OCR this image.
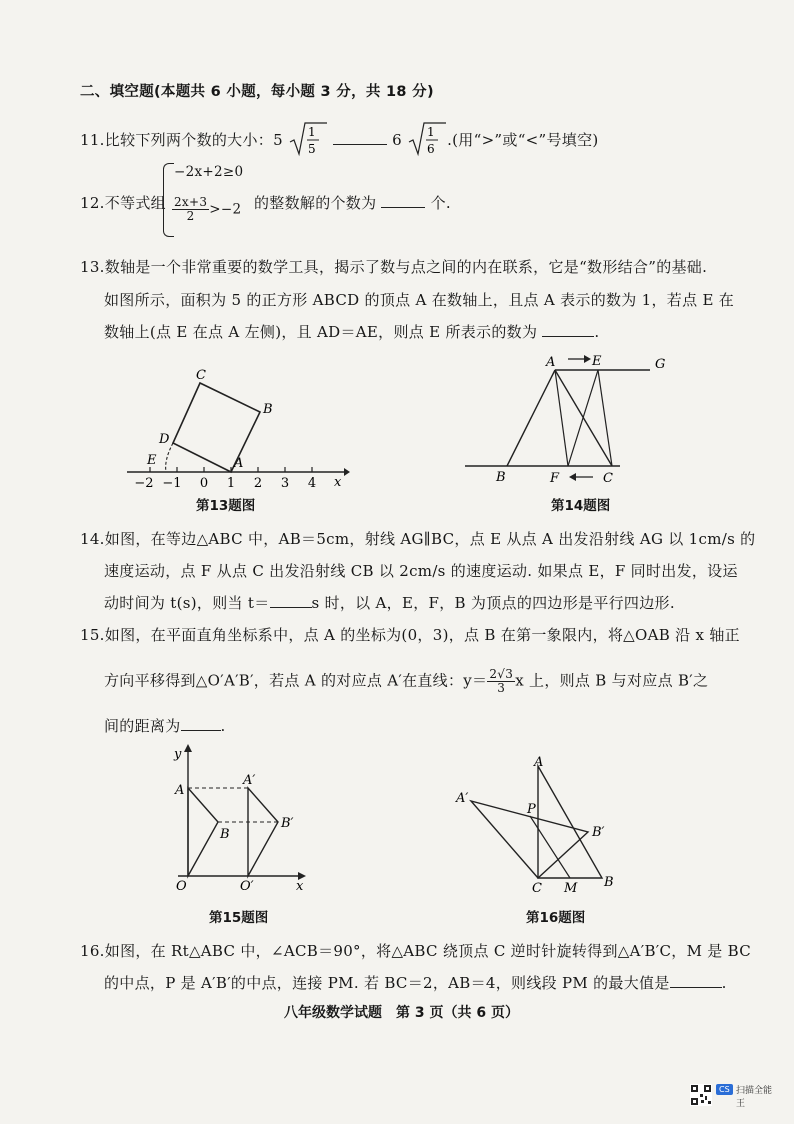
二、填空题(本题共 6 小题，每小题 3 分，共 18 分)
11.比较下列两个数的大小：5 1
5	6 1
6 .(用“>”或“<”号填空)
12.不等式组
−2x+2≥0
$\frac{2x+3}{2} >-2$ 的整数解的个数为	个.
13.数轴是一个非常重要的数学工具，揭示了数与点之间的内在联系，它是“数形结合”的基础.
如图所示，面积为 5 的正方形 ABCD 的顶点 A 在数轴上，且点 A 表示的数为 1，若点 E 在
数轴上(点 E 在点 A 左侧)，且 AD＝AE，则点 E 所表示的数为	.
C
B
D
E	A
x
−2 −1 0 1 2 3 4
第13题图
A	E	G
B	F	C
第14题图
14.如图，在等边△ABC 中，AB＝5cm，射线 AG∥BC，点 E 从点 A 出发沿射线 AG 以 1cm/s 的
速度运动，点 F 从点 C 出发沿射线 CB 以 2cm/s 的速度运动. 如果点 E，F 同时出发，设运
动时间为 t(s)，则当 t＝	s 时，以 A，E，F，B 为顶点的四边形是平行四边形.
15.如图，在平面直角坐标系中，点 A 的坐标为(0，3)，点 B 在第一象限内，将△OAB 沿 x 轴正
方向平移得到△O′A′B′，若点 A 的对应点 A′在直线：$y= \frac{2√3}{3}$ x 上，则点 B 与对应点 B′之
间的距离为	.
y
A
A′
B
B′
O	O′	x
第15题图
A
A′
P
B′
C M B
第16题图
16.如图，在 Rt△ABC 中，∠ACB＝90°，将△ABC 绕顶点 C 逆时针旋转得到△A′B′C，M 是 BC
的中点，P 是 A′B′的中点，连接 PM. 若 BC＝2，AB＝4，则线段 PM 的最大值是	.
八年级数学试题　第 3 页（共 6 页）
CS 扫描全能王
